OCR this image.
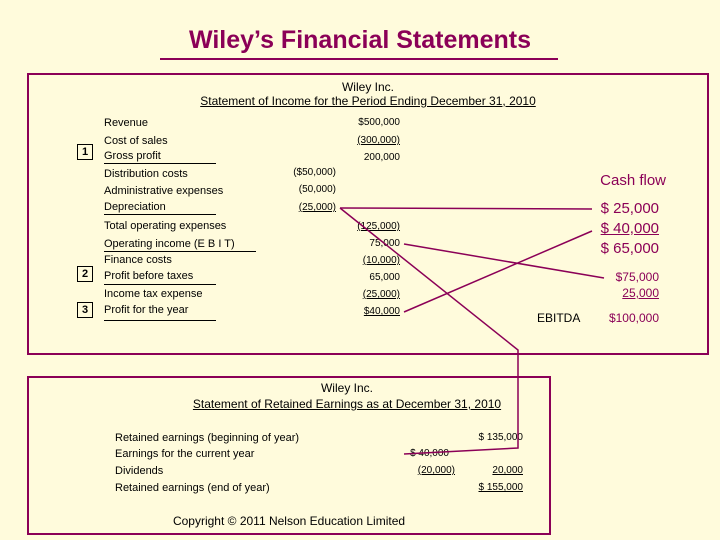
Wiley’s Financial Statements
Wiley Inc.
Statement of Income for the Period Ending December 31, 2010
1
2
3
Revenue
Cost of sales
Gross profit
Distribution costs
Administrative expenses
Depreciation
Total operating expenses
Operating income (E B I T)
Finance costs
Profit before taxes
Income tax expense
Profit for the year
$500,000
(300,000)
200,000
($50,000)
(50,000)
(25,000)
(125,000)
75,000
(10,000)
65,000
(25,000)
$40,000
Cash flow
$ 25,000
$ 40,000
$ 65,000
$75,000
25,000
EBITDA $100,000
Wiley Inc.
Statement of Retained Earnings as at December 31, 2010
Retained earnings (beginning of year)
Earnings for the current year
Dividends
Retained earnings (end of year)
$ 135,000
$ 40,000
(20,000)	20,000
$ 155,000
Copyright © 2011 Nelson Education Limited
